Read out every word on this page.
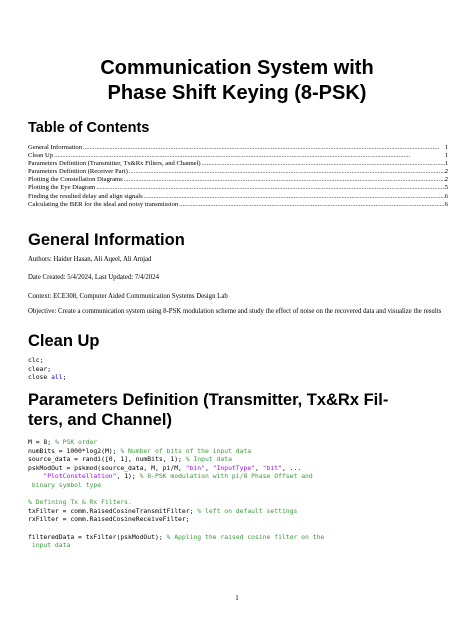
Communication System with
Phase Shift Keying (8-PSK)
Table of Contents
General Information .....	1
Clean Up .....	1
Parameters Definition (Transmitter, Tx&Rx Filters, and Channel) .....	1
Parameters Definition (Receiver Part) .....	2
Plotting the Constellation Diagrams .....	2
Plotting the Eye Diagram .....	5
Finding the resulted delay and align signals .....	6
Calculating the BER for the ideal and noisy transmission .....	6
General Information
Authors: Haider Hasan, Ali Aqeel, Ali Amjad
Date Created: 5/4/2024, Last Updated: 7/4/2024
Context: ECE308, Computer Aided Communication Systems Design Lab
Objective: Create a communication system using 8-PSK modulation scheme and study the effect of noise on the recovered data and visualize the results
Clean Up
clc;
clear;
close all;
Parameters Definition (Transmitter, Tx&Rx Fil-
ters, and Channel)
M = 8; % PSK order
numBits = 1000*log2(M); % Number of bits of the input data
source_data = randi([0, 1], numBits, 1); % Input data
pskModOut = pskmod(source_data, M, pi/M, "bin", "InputType", "bit", ...
"PlotConstellation", 1); % 8-PSK modulation with pi/8 Phase Offset and
binary symbol type

% Defining Tx & Rx Filters.
txFilter = comm.RaisedCosineTransmitFilter; % left on default settings
rxFilter = comm.RaisedCosineReceiveFilter;

filteredData = txFilter(pskModOut); % Appling the raised cosine filter on the
input data
1
